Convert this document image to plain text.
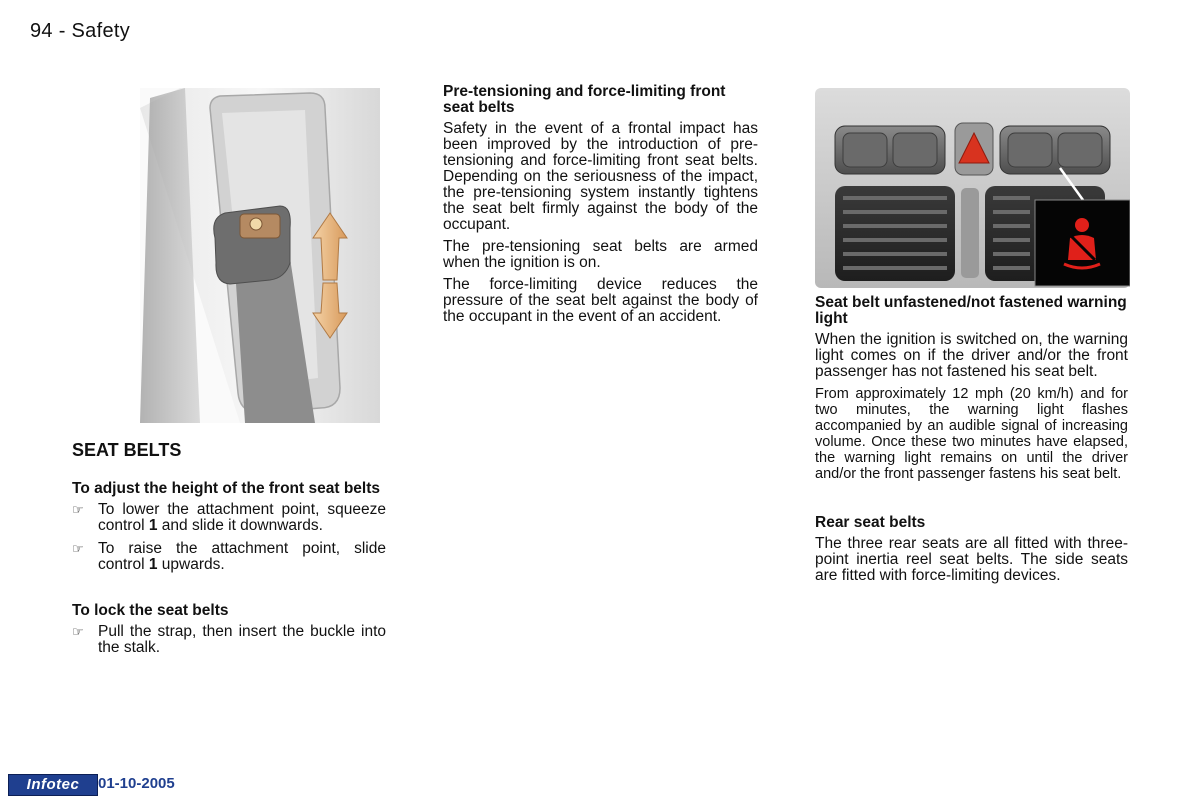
94 - Safety
SEAT BELTS
To adjust the height of the front seat belts
☞ To lower the attachment point, squeeze control 1 and slide it downwards.
☞ To raise the attachment point, slide control 1 upwards.
To lock the seat belts
☞ Pull the strap, then insert the buckle into the stalk.
Pre-tensioning and force-limiting front seat belts

Safety in the event of a frontal impact has been improved by the introduction of pre-tensioning and force-limiting front seat belts. Depending on the seriousness of the impact, the pre-tensioning system instantly tightens the seat belt firmly against the body of the occupant.

The pre-tensioning seat belts are armed when the ignition is on.

The force-limiting device reduces the pressure of the seat belt against the body of the occupant in the event of an accident.

Seat belt unfastened/not fastened warning light

When the ignition is switched on, the warning light comes on if the driver and/or the front passenger has not fastened his seat belt.

From approximately 12 mph (20 km/h) and for two minutes, the warning light flashes accompanied by an audible signal of increasing volume. Once these two minutes have elapsed, the warning light remains on until the driver and/or the front passenger fastens his seat belt.

Rear seat belts

The three rear seats are all fitted with three-point inertia reel seat belts. The side seats are fitted with force-limiting devices.

Infotec	01-10-2005
